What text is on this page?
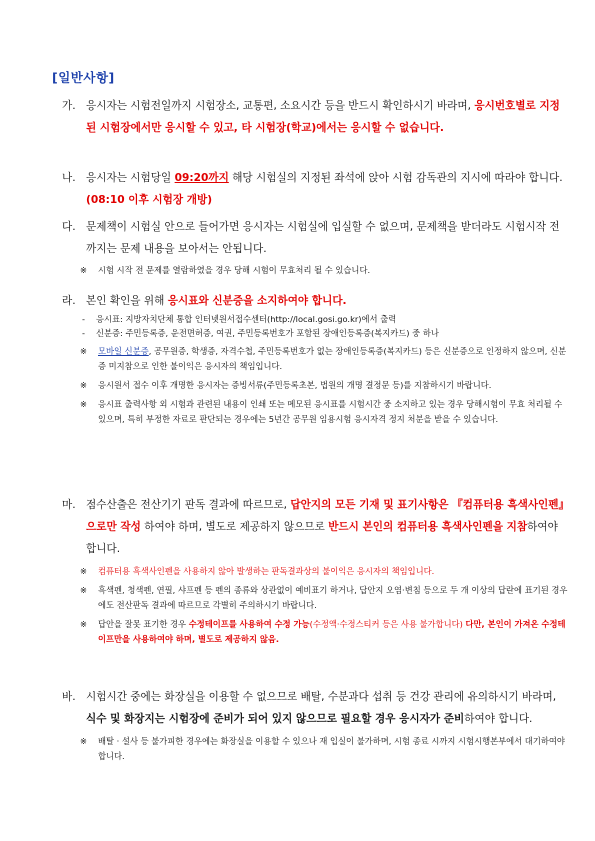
[일반사항]
가. 응시자는 시험전일까지 시험장소, 교통편, 소요시간 등을 반드시 확인하시기 바라며, 응시번호별로 지정된 시험장에서만 응시할 수 있고, 타 시험장(학교)에서는 응시할 수 없습니다.
나. 응시자는 시험당일 09:20까지 해당 시험실의 지정된 좌석에 앉아 시험 감독관의 지시에 따라야 합니다. (08:10 이후 시험장 개방)
다. 문제책이 시험실 안으로 들어가면 응시자는 시험실에 입실할 수 없으며, 문제책을 받더라도 시험시작 전까지는 문제 내용을 보아서는 안됩니다.
※ 시험 시작 전 문제를 열람하였을 경우 당해 시험이 무효처리 될 수 있습니다.
라. 본인 확인을 위해 응시표와 신분증을 소지하여야 합니다.
- 응시표: 지방자치단체 통합 인터넷원서접수센터(http://local.gosi.go.kr)에서 출력
- 신분증: 주민등록증, 운전면허증, 여권, 주민등록번호가 포함된 장애인등록증(복지카드) 중 하나
※ 모바일 신분증, 공무원증, 학생증, 자격수첩, 주민등록번호가 없는 장애인등록증(복지카드) 등은 신분증으로 인정하지 않으며, 신분증 미지참으로 인한 불이익은 응시자의 책임입니다.
※ 응시원서 접수 이후 개명한 응시자는 증빙서류(주민등록초본, 법원의 개명 결정문 등)를 지참하시기 바랍니다.
※ 응시표 출력사항 외 시험과 관련된 내용이 인쇄 또는 메모된 응시표를 시험시간 중 소지하고 있는 경우 당해시험이 무효 처리될 수 있으며, 특히 부정한 자료로 판단되는 경우에는 5년간 공무원 임용시험 응시자격 정지 처분을 받을 수 있습니다.
마. 점수산출은 전산기기 판독 결과에 따르므로, 답안지의 모든 기재 및 표기사항은 『컴퓨터용 흑색사인펜』으로만 작성 하여야 하며, 별도로 제공하지 않으므로 반드시 본인의 컴퓨터용 흑색사인펜을 지참하여야 합니다.
※ 컴퓨터용 흑색사인펜을 사용하지 않아 발생하는 판독결과상의 불이익은 응시자의 책임입니다.
※ 흑색펜, 청색펜, 연필, 샤프펜 등 펜의 종류와 상관없이 예비표기 하거나, 답안지 오염·변침 등으로 두 개 이상의 답란에 표기된 경우에도 전산판독 결과에 따르므로 각별히 주의하시기 바랍니다.
※ 답안을 잘못 표기한 경우 수정테이프를 사용하여 수정 가능(수정액·수정스티커 등은 사용 불가합니다) 다만, 본인이 가져온 수정테이프만을 사용하여야 하며, 별도로 제공하지 않음.
바. 시험시간 중에는 화장실을 이용할 수 없으므로 배탈, 수분과다 섭취 등 건강 관리에 유의하시기 바라며, 식수 및 화장지는 시험장에 준비가 되어 있지 않으므로 필요할 경우 응시자가 준비하여야 합니다.
※ 배탈 · 설사 등 불가피한 경우에는 화장실을 이용할 수 있으나 재 입실이 불가하며, 시험 종료 시까지 시험시행본부에서 대기하여야 합니다.
